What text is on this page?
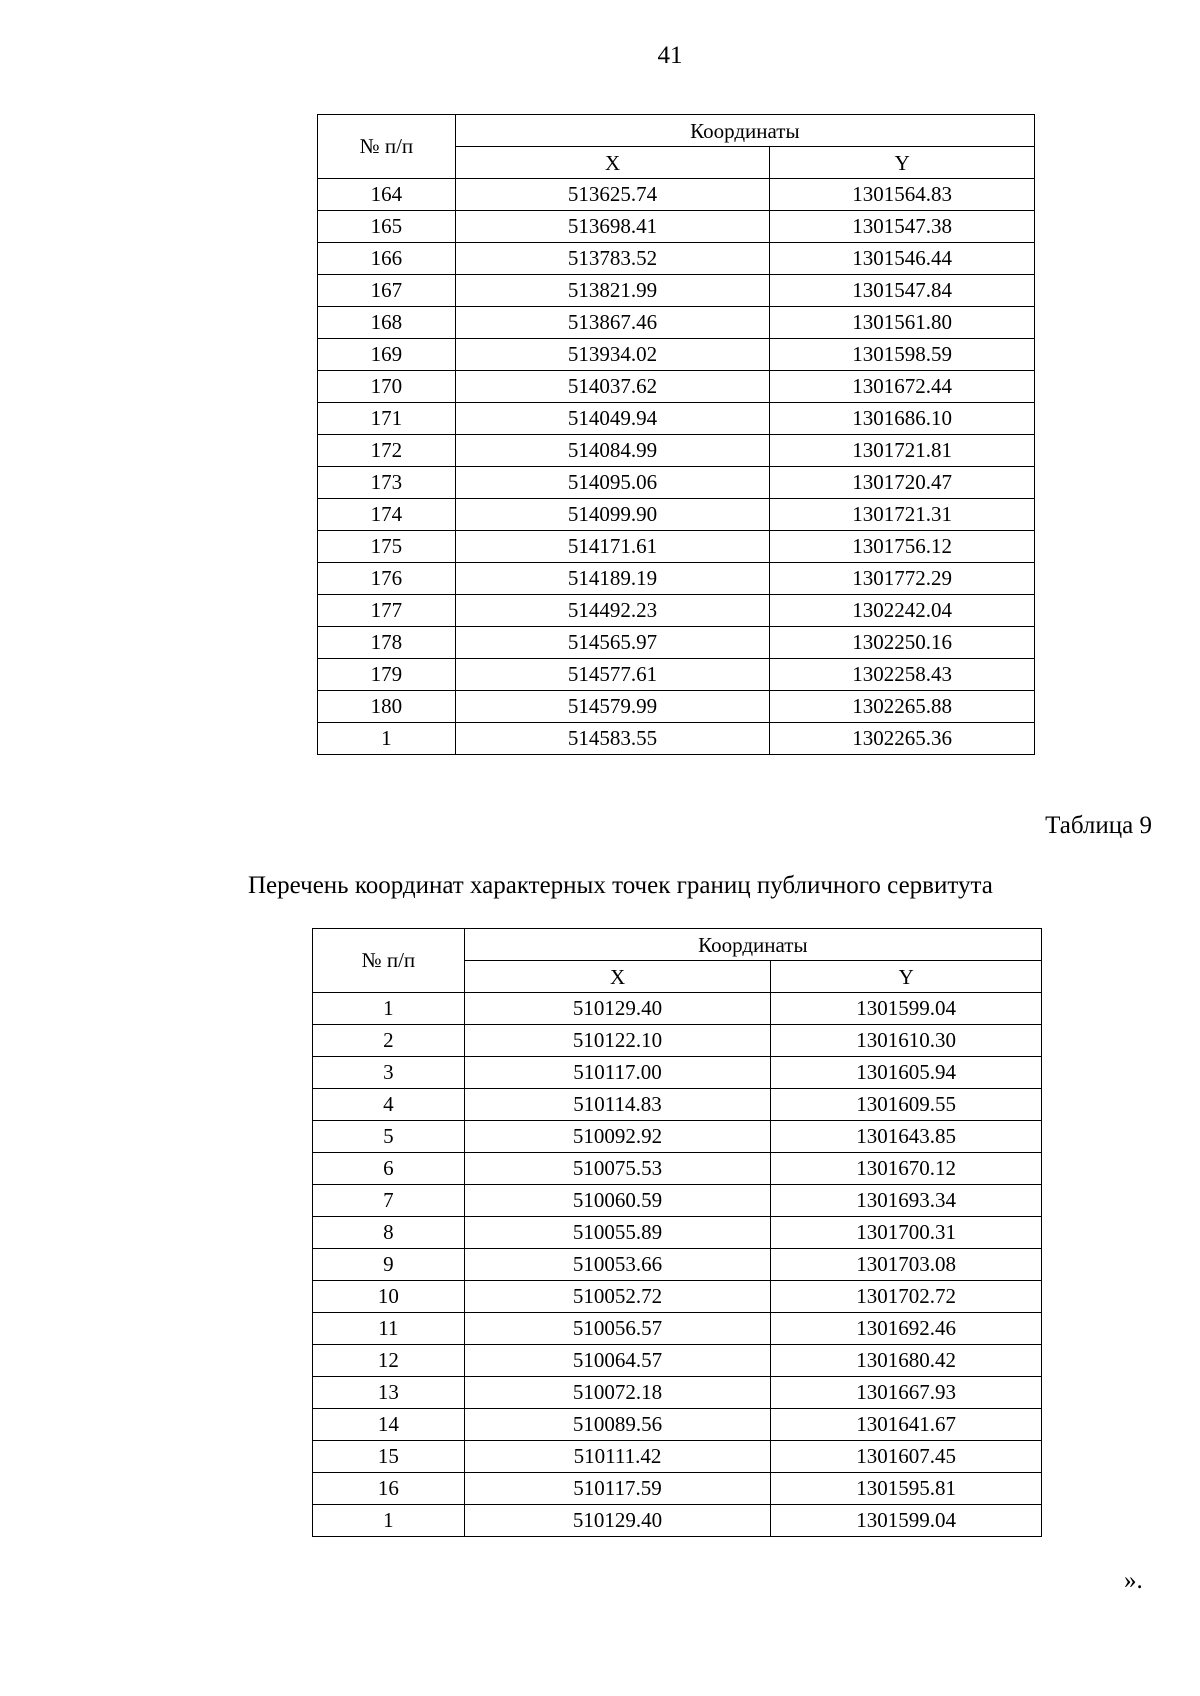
41
№ п/п	Координаты	
	X	Y
164	513625.74	1301564.83
165	513698.41	1301547.38
166	513783.52	1301546.44
167	513821.99	1301547.84
168	513867.46	1301561.80
169	513934.02	1301598.59
170	514037.62	1301672.44
171	514049.94	1301686.10
172	514084.99	1301721.81
173	514095.06	1301720.47
174	514099.90	1301721.31
175	514171.61	1301756.12
176	514189.19	1301772.29
177	514492.23	1302242.04
178	514565.97	1302250.16
179	514577.61	1302258.43
180	514579.99	1302265.88
1	514583.55	1302265.36
Таблица 9
Перечень координат характерных точек границ публичного сервитута
№ п/п	Координаты	
	X	Y
1	510129.40	1301599.04
2	510122.10	1301610.30
3	510117.00	1301605.94
4	510114.83	1301609.55
5	510092.92	1301643.85
6	510075.53	1301670.12
7	510060.59	1301693.34
8	510055.89	1301700.31
9	510053.66	1301703.08
10	510052.72	1301702.72
11	510056.57	1301692.46
12	510064.57	1301680.42
13	510072.18	1301667.93
14	510089.56	1301641.67
15	510111.42	1301607.45
16	510117.59	1301595.81
1	510129.40	1301599.04
».
